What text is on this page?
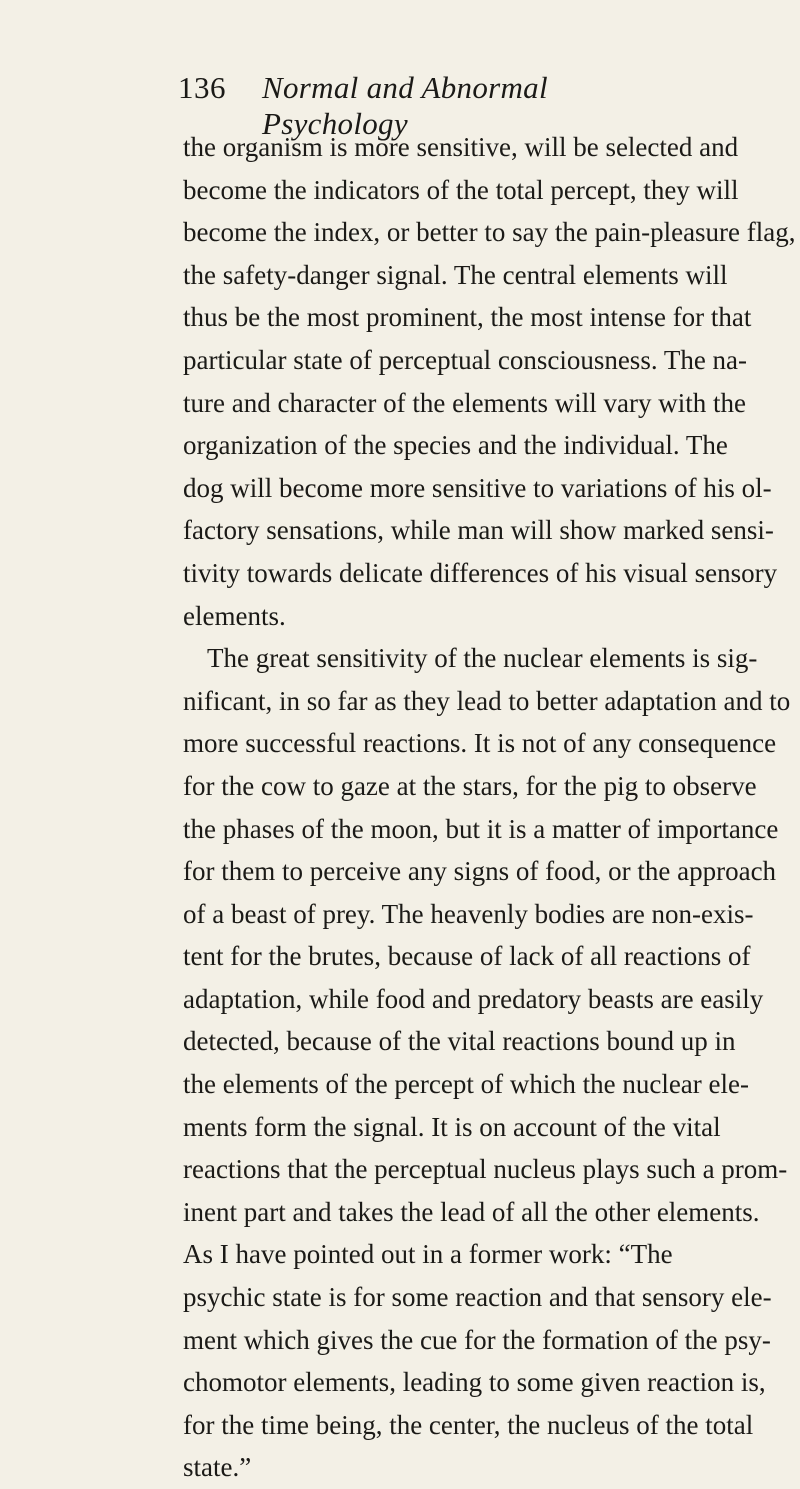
136 Normal and Abnormal Psychology
the organism is more sensitive, will be selected and
become the indicators of the total percept, they will
become the index, or better to say the pain-pleasure flag,
the safety-danger signal. The central elements will
thus be the most prominent, the most intense for that
particular state of perceptual consciousness. The na-
ture and character of the elements will vary with the
organization of the species and the individual. The
dog will become more sensitive to variations of his ol-
factory sensations, while man will show marked sensi-
tivity towards delicate differences of his visual sensory
elements.
The great sensitivity of the nuclear elements is sig-
nificant, in so far as they lead to better adaptation and to
more successful reactions. It is not of any consequence
for the cow to gaze at the stars, for the pig to observe
the phases of the moon, but it is a matter of importance
for them to perceive any signs of food, or the approach
of a beast of prey. The heavenly bodies are non-exis-
tent for the brutes, because of lack of all reactions of
adaptation, while food and predatory beasts are easily
detected, because of the vital reactions bound up in
the elements of the percept of which the nuclear ele-
ments form the signal. It is on account of the vital
reactions that the perceptual nucleus plays such a prom-
inent part and takes the lead of all the other elements.
As I have pointed out in a former work: “The
psychic state is for some reaction and that sensory ele-
ment which gives the cue for the formation of the psy-
chomotor elements, leading to some given reaction is,
for the time being, the center, the nucleus of the total
state.”
